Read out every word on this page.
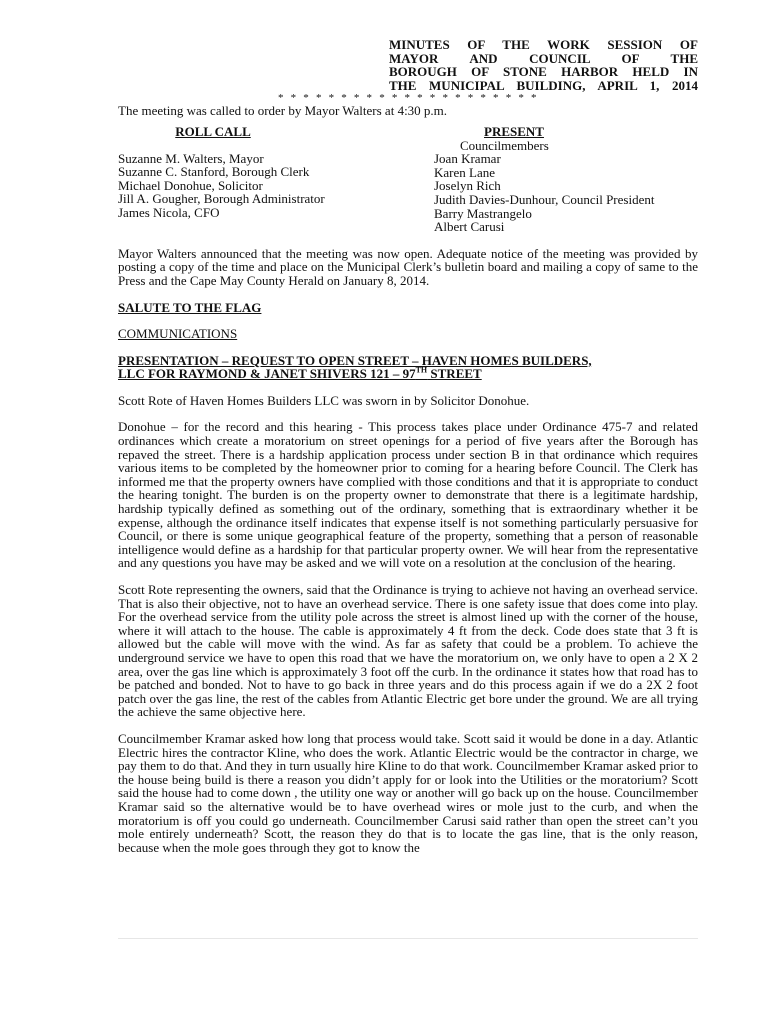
MINUTES OF THE WORK SESSION OF
MAYOR AND COUNCIL OF THE
BOROUGH OF STONE HARBOR HELD IN
THE MUNICIPAL BUILDING, APRIL 1, 2014
* * * * * * * * * * * * * * * * * * * * *

The meeting was called to order by Mayor Walters at 4:30 p.m.

ROLL CALL
Suzanne M. Walters, Mayor
Suzanne C. Stanford, Borough Clerk
Michael Donohue, Solicitor
Jill A. Gougher, Borough Administrator
James Nicola, CFO
PRESENT
Councilmembers
Joan Kramar
Karen Lane
Joselyn Rich
Judith Davies-Dunhour, Council President
Barry Mastrangelo
Albert Carusi

Mayor Walters announced that the meeting was now open. Adequate notice of the meeting was provided by posting a copy of the time and place on the Municipal Clerk’s bulletin board and mailing a copy of same to the Press and the Cape May County Herald on January 8, 2014.

SALUTE TO THE FLAG
COMMUNICATIONS
PRESENTATION – REQUEST TO OPEN STREET – HAVEN HOMES BUILDERS,
LLC FOR RAYMOND & JANET SHIVERS 121 – 97TH STREET

Scott Rote of Haven Homes Builders LLC was sworn in by Solicitor Donohue.

Donohue – for the record and this hearing - This process takes place under Ordinance 475-7 and related ordinances which create a moratorium on street openings for a period of five years after the Borough has repaved the street. There is a hardship application process under section B in that ordinance which requires various items to be completed by the homeowner prior to coming for a hearing before Council. The Clerk has informed me that the property owners have complied with those conditions and that it is appropriate to conduct the hearing tonight. The burden is on the property owner to demonstrate that there is a legitimate hardship, hardship typically defined as something out of the ordinary, something that is extraordinary whether it be expense, although the ordinance itself indicates that expense itself is not something particularly persuasive for Council, or there is some unique geographical feature of the property, something that a person of reasonable intelligence would define as a hardship for that particular property owner. We will hear from the representative and any questions you have may be asked and we will vote on a resolution at the conclusion of the hearing.

Scott Rote representing the owners, said that the Ordinance is trying to achieve not having an overhead service. That is also their objective, not to have an overhead service. There is one safety issue that does come into play. For the overhead service from the utility pole across the street is almost lined up with the corner of the house, where it will attach to the house. The cable is approximately 4 ft from the deck. Code does state that 3 ft is allowed but the cable will move with the wind. As far as safety that could be a problem. To achieve the underground service we have to open this road that we have the moratorium on, we only have to open a 2 X 2 area, over the gas line which is approximately 3 foot off the curb. In the ordinance it states how that road has to be patched and bonded. Not to have to go back in three years and do this process again if we do a 2X 2 foot patch over the gas line, the rest of the cables from Atlantic Electric get bore under the ground. We are all trying the achieve the same objective here.

Councilmember Kramar asked how long that process would take. Scott said it would be done in a day. Atlantic Electric hires the contractor Kline, who does the work. Atlantic Electric would be the contractor in charge, we pay them to do that. And they in turn usually hire Kline to do that work. Councilmember Kramar asked prior to the house being build is there a reason you didn’t apply for or look into the Utilities or the moratorium? Scott said the house had to come down , the utility one way or another will go back up on the house. Councilmember Kramar said so the alternative would be to have overhead wires or mole just to the curb, and when the moratorium is off you could go underneath. Councilmember Carusi said rather than open the street can’t you mole entirely underneath? Scott, the reason they do that is to locate the gas line, that is the only reason, because when the mole goes through they got to know the
